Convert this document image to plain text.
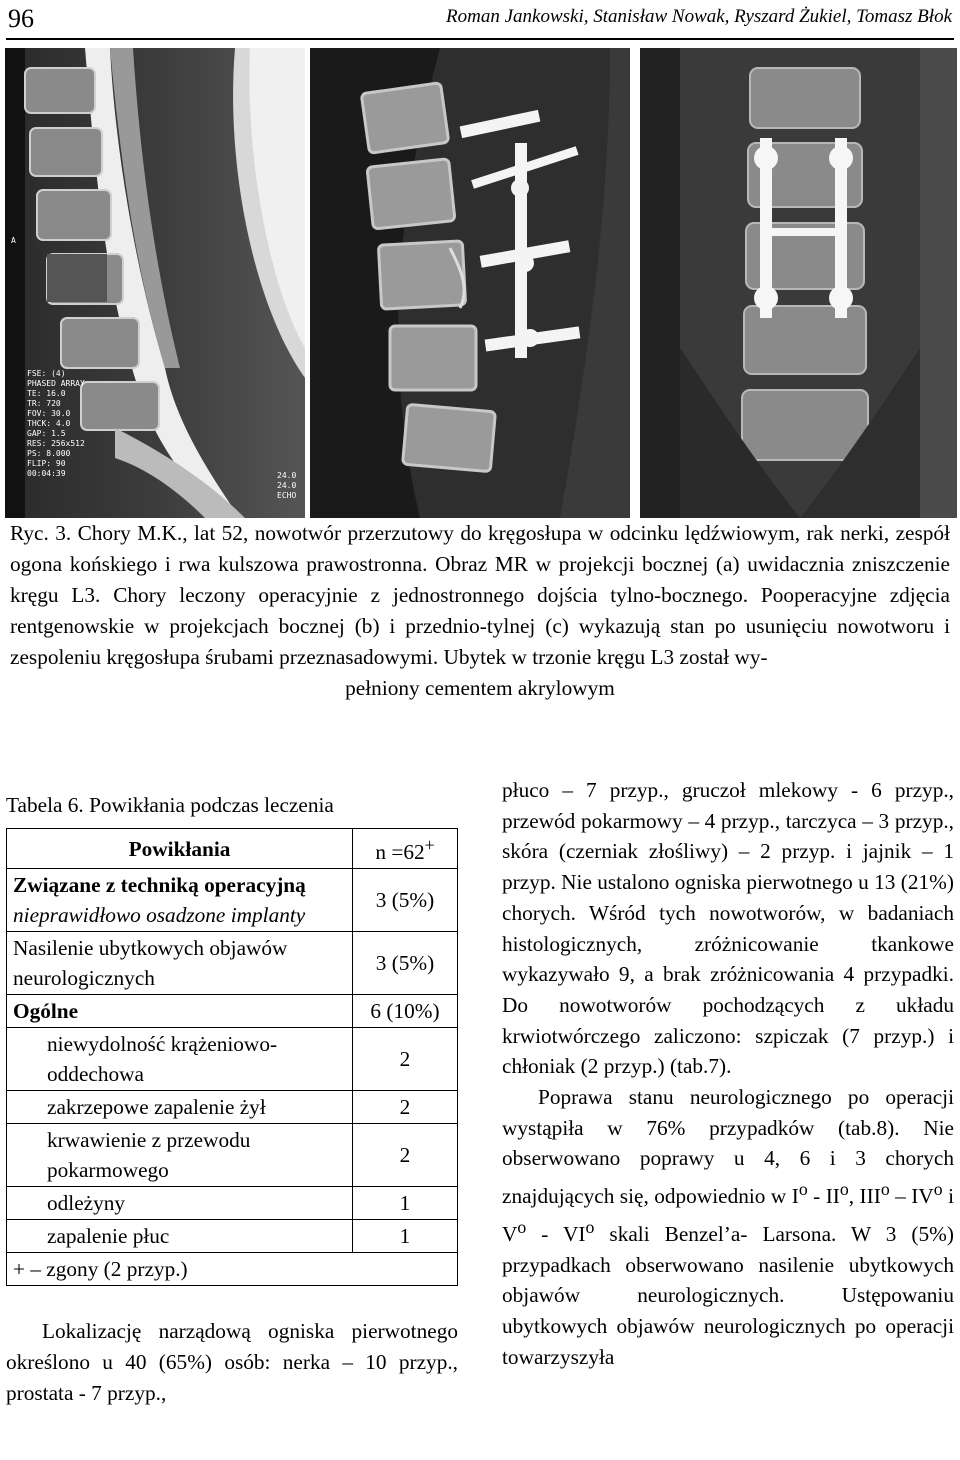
96	Roman Jankowski, Stanisław Nowak, Ryszard Żukiel, Tomasz Błok
A
FSE: (4)
PHASED ARRAY
TE: 16.0
TR: 720
FOV: 30.0
THCK: 4.0
GAP: 1.5
RES: 256x512
PS: 8.000
FLIP: 90
00:04:39	24.0
24.0
ECHO
Ryc. 3. Chory M.K., lat 52, nowotwór przerzutowy do kręgosłupa w odcinku lędźwiowym, rak nerki, zespół ogona końskiego i rwa kulszowa prawostronna. Obraz MR w projekcji bocznej (a) uwidacznia zniszczenie kręgu L3. Chory leczony operacyjnie z jednostronnego dojścia tylno-bocznego. Pooperacyjne zdjęcia rentgenowskie w projekcjach bocznej (b) i przednio-tylnej (c) wykazują stan po usunięciu nowotworu i zespoleniu kręgosłupa śrubami przeznasadowymi. Ubytek w trzonie kręgu L3 został wy-
pełniony cementem akrylowym

Tabela 6. Powikłania podczas leczenia

Powikłania	n =62+

Związane z techniką operacyjną
nieprawidłowo osadzone implanty	3 (5%)
Nasilenie ubytkowych objawów neurologicznych	3 (5%)
Ogólne	6 (10%)
niewydolność krążeniowo-oddechowa	2
zakrzepowe zapalenie żył	2
krwawienie z przewodu pokarmowego	2
odleżyny	1
zapalenie płuc	1
+ – zgony (2 przyp.)	

Lokalizację narządową ogniska pierwotnego określono u 40 (65%) osób: nerka – 10 przyp., prostata - 7 przyp.,

płuco – 7 przyp., gruczoł mlekowy - 6 przyp., przewód pokarmowy – 4 przyp., tarczyca – 3 przyp., skóra (czerniak złośliwy) – 2 przyp. i jajnik – 1 przyp. Nie ustalono ogniska pierwotnego u 13 (21%) chorych. Wśród tych nowotworów, w badaniach histologicznych, zróżnicowanie tkankowe wykazywało 9, a brak zróżnicowania 4 przypadki. Do nowotworów pochodzących z układu krwiotwórczego zaliczono: szpiczak (7 przyp.) i chłoniak (2 przyp.) (tab.7).

Poprawa stanu neurologicznego po operacji wystąpiła w 76% przypadków (tab.8). Nie obserwowano poprawy u 4, 6 i 3 chorych znajdujących się, odpowiednio w $I^o - II^o$, $III^o - IV^o$ i $V^o - VI^o$ skali Benzel’a- Larsona. W 3 (5%) przypadkach obserwowano nasilenie ubytkowych objawów neurologicznych. Ustępowaniu ubytkowych objawów neurologicznych po operacji towarzyszyła
